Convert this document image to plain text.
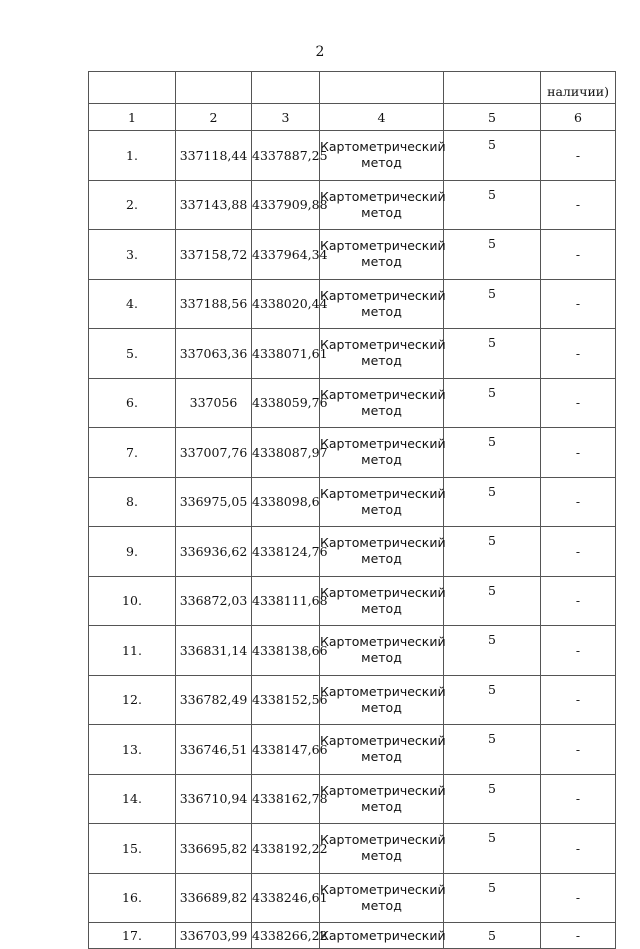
2
					наличии)
1	2	3	4	5	6
1.	337118,44	4337887,25	Картометрический метод	5	-
2.	337143,88	4337909,88	Картометрический метод	5	-
3.	337158,72	4337964,34	Картометрический метод	5	-
4.	337188,56	4338020,44	Картометрический метод	5	-
5.	337063,36	4338071,61	Картометрический метод	5	-
6.	337056	4338059,76	Картометрический метод	5	-
7.	337007,76	4338087,97	Картометрический метод	5	-
8.	336975,05	4338098,6	Картометрический метод	5	-
9.	336936,62	4338124,76	Картометрический метод	5	-
10.	336872,03	4338111,68	Картометрический метод	5	-
11.	336831,14	4338138,66	Картометрический метод	5	-
12.	336782,49	4338152,56	Картометрический метод	5	-
13.	336746,51	4338147,66	Картометрический метод	5	-
14.	336710,94	4338162,78	Картометрический метод	5	-
15.	336695,82	4338192,22	Картометрический метод	5	-
16.	336689,82	4338246,61	Картометрический метод	5	-
17.	336703,99	4338266,22	Картометрический	5	-
